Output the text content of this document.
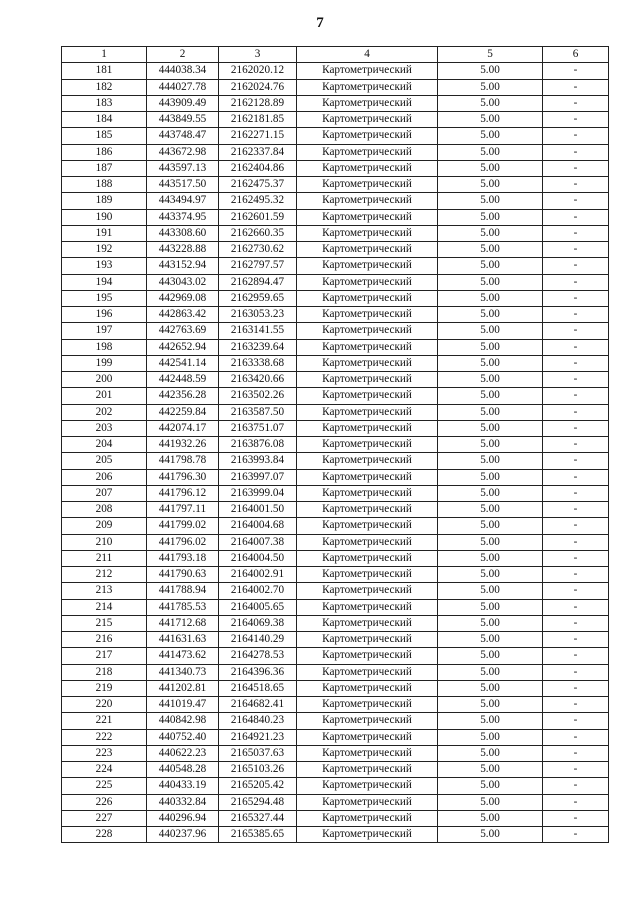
7
1	2	3	4	5	6
181	444038.34	2162020.12	Картометрический	5.00	-
182	444027.78	2162024.76	Картометрический	5.00	-
183	443909.49	2162128.89	Картометрический	5.00	-
184	443849.55	2162181.85	Картометрический	5.00	-
185	443748.47	2162271.15	Картометрический	5.00	-
186	443672.98	2162337.84	Картометрический	5.00	-
187	443597.13	2162404.86	Картометрический	5.00	-
188	443517.50	2162475.37	Картометрический	5.00	-
189	443494.97	2162495.32	Картометрический	5.00	-
190	443374.95	2162601.59	Картометрический	5.00	-
191	443308.60	2162660.35	Картометрический	5.00	-
192	443228.88	2162730.62	Картометрический	5.00	-
193	443152.94	2162797.57	Картометрический	5.00	-
194	443043.02	2162894.47	Картометрический	5.00	-
195	442969.08	2162959.65	Картометрический	5.00	-
196	442863.42	2163053.23	Картометрический	5.00	-
197	442763.69	2163141.55	Картометрический	5.00	-
198	442652.94	2163239.64	Картометрический	5.00	-
199	442541.14	2163338.68	Картометрический	5.00	-
200	442448.59	2163420.66	Картометрический	5.00	-
201	442356.28	2163502.26	Картометрический	5.00	-
202	442259.84	2163587.50	Картометрический	5.00	-
203	442074.17	2163751.07	Картометрический	5.00	-
204	441932.26	2163876.08	Картометрический	5.00	-
205	441798.78	2163993.84	Картометрический	5.00	-
206	441796.30	2163997.07	Картометрический	5.00	-
207	441796.12	2163999.04	Картометрический	5.00	-
208	441797.11	2164001.50	Картометрический	5.00	-
209	441799.02	2164004.68	Картометрический	5.00	-
210	441796.02	2164007.38	Картометрический	5.00	-
211	441793.18	2164004.50	Картометрический	5.00	-
212	441790.63	2164002.91	Картометрический	5.00	-
213	441788.94	2164002.70	Картометрический	5.00	-
214	441785.53	2164005.65	Картометрический	5.00	-
215	441712.68	2164069.38	Картометрический	5.00	-
216	441631.63	2164140.29	Картометрический	5.00	-
217	441473.62	2164278.53	Картометрический	5.00	-
218	441340.73	2164396.36	Картометрический	5.00	-
219	441202.81	2164518.65	Картометрический	5.00	-
220	441019.47	2164682.41	Картометрический	5.00	-
221	440842.98	2164840.23	Картометрический	5.00	-
222	440752.40	2164921.23	Картометрический	5.00	-
223	440622.23	2165037.63	Картометрический	5.00	-
224	440548.28	2165103.26	Картометрический	5.00	-
225	440433.19	2165205.42	Картометрический	5.00	-
226	440332.84	2165294.48	Картометрический	5.00	-
227	440296.94	2165327.44	Картометрический	5.00	-
228	440237.96	2165385.65	Картометрический	5.00	-
